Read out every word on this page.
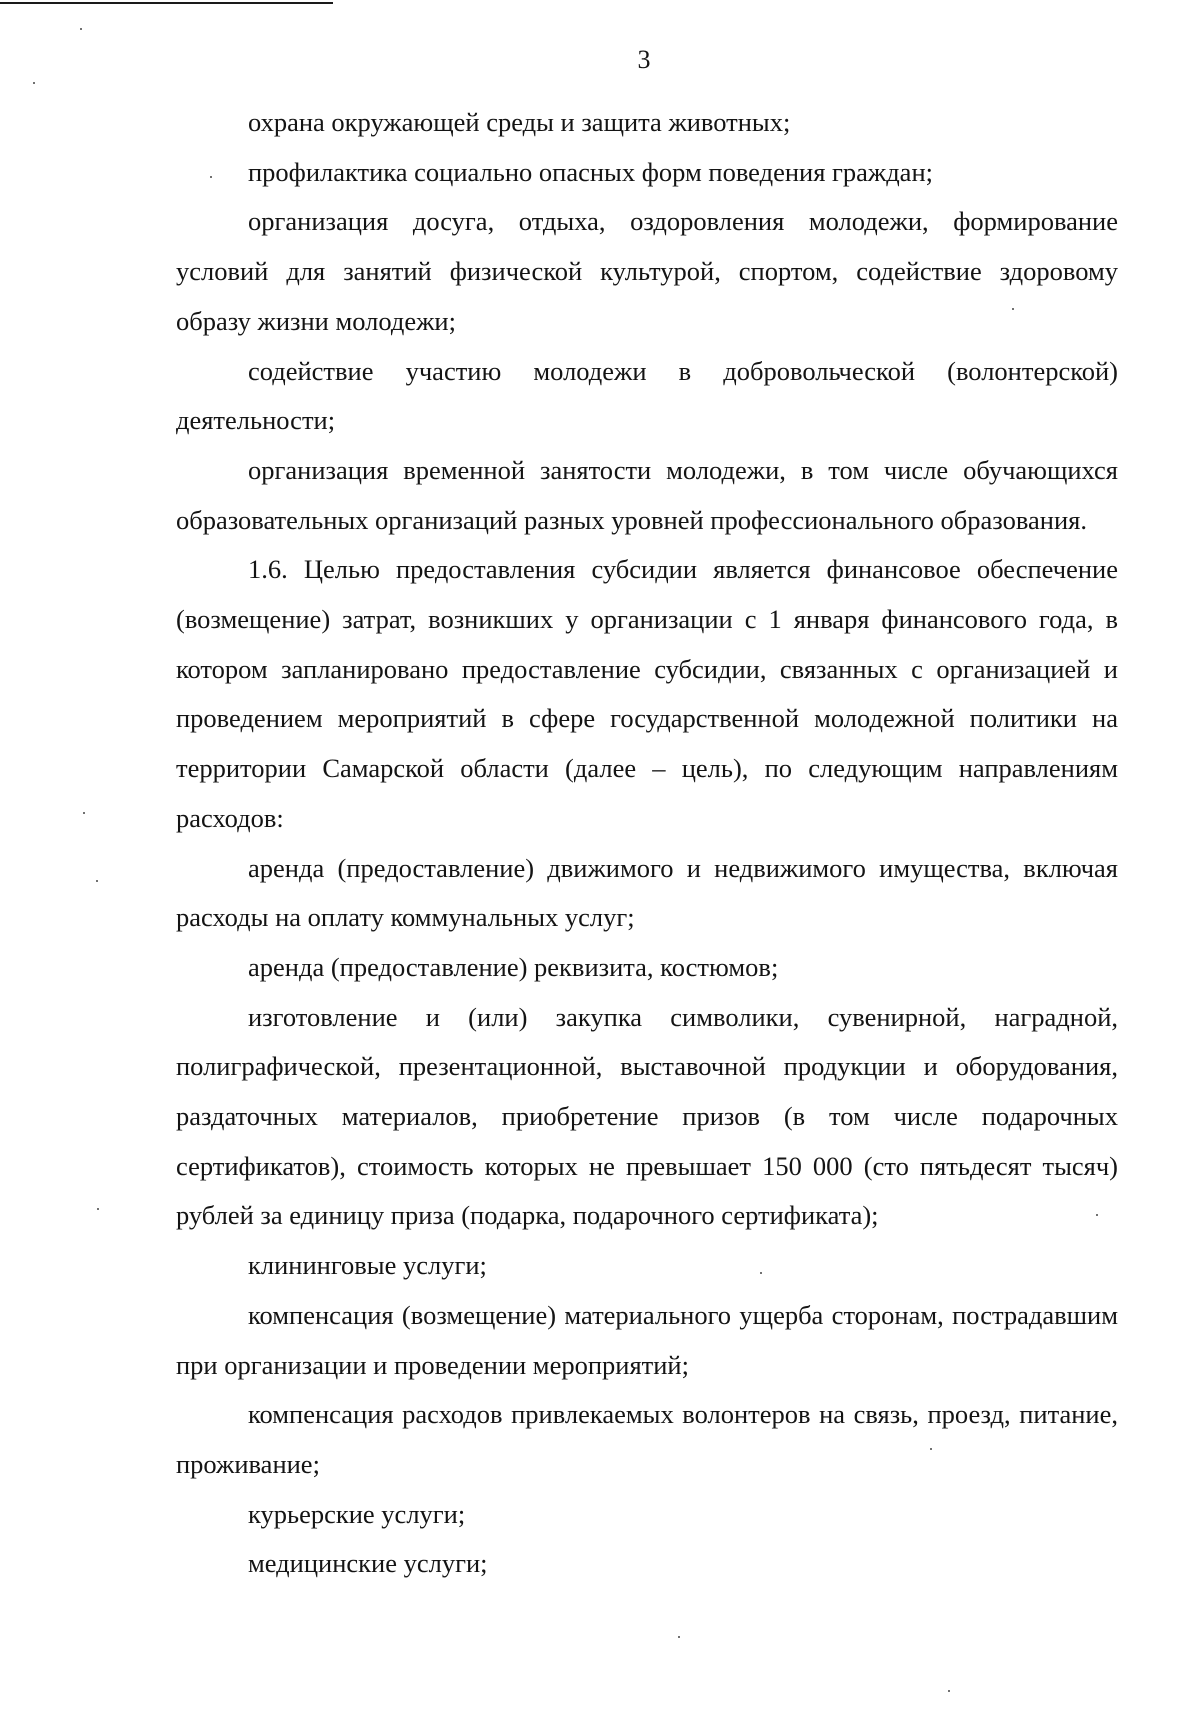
3

охрана окружающей среды и защита животных;

профилактика социально опасных форм поведения граждан;

организация досуга, отдыха, оздоровления молодежи, формирование условий для занятий физической культурой, спортом, содействие здоровому образу жизни молодежи;

содействие участию молодежи в добровольческой (волонтерской) деятельности;

организация временной занятости молодежи, в том числе обучающихся образовательных организаций разных уровней профессионального образования.

1.6. Целью предоставления субсидии является финансовое обеспечение (возмещение) затрат, возникших у организации с 1 января финансового года, в котором запланировано предоставление субсидии, связанных с организацией и проведением мероприятий в сфере государственной молодежной политики на территории Самарской области (далее – цель), по следующим направлениям расходов:

аренда (предоставление) движимого и недвижимого имущества, включая расходы на оплату коммунальных услуг;

аренда (предоставление) реквизита, костюмов;

изготовление и (или) закупка символики, сувенирной, наградной, полиграфической, презентационной, выставочной продукции и оборудования, раздаточных материалов, приобретение призов (в том числе подарочных сертификатов), стоимость которых не превышает 150 000 (сто пятьдесят тысяч) рублей за единицу приза (подарка, подарочного сертификата);

клининговые услуги;

компенсация (возмещение) материального ущерба сторонам, пострадавшим при организации и проведении мероприятий;

компенсация расходов привлекаемых волонтеров на связь, проезд, питание, проживание;

курьерские услуги;

медицинские услуги;
